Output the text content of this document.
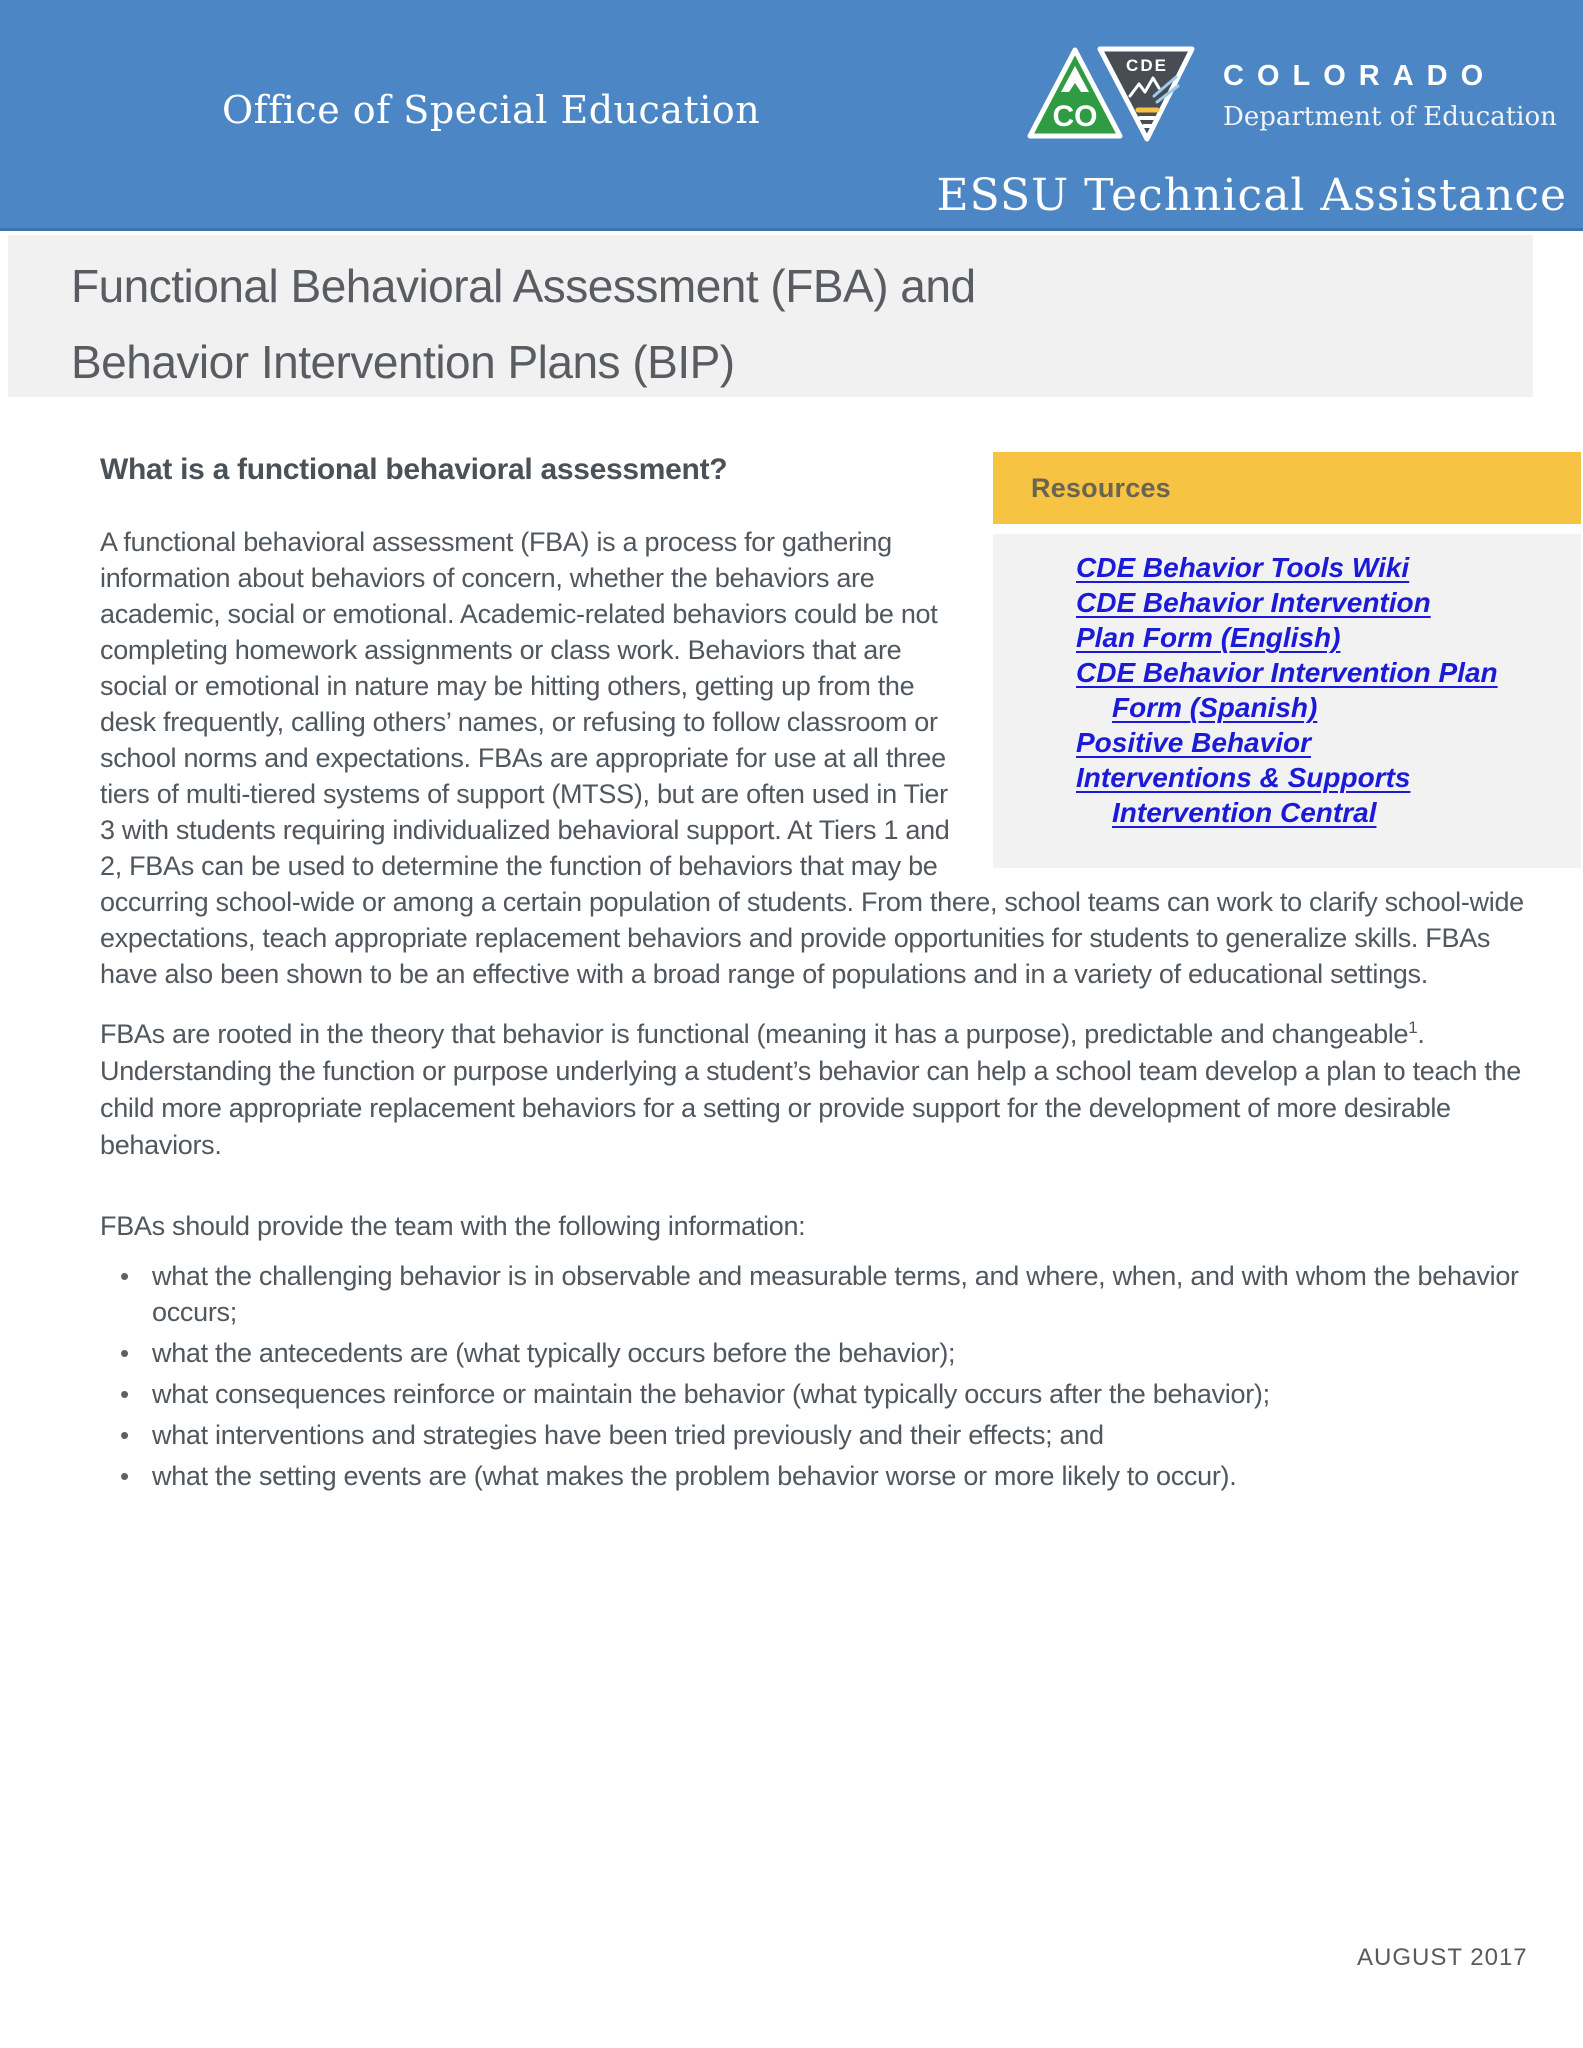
Office of Special Education
CDE
CO
COLORADO
Department of Education
ESSU Technical Assistance
Functional Behavioral Assessment (FBA) and
Behavior Intervention Plans (BIP)
Resources
CDE Behavior Tools Wiki
CDE Behavior Intervention
Plan Form (English)
CDE Behavior Intervention Plan
Form (Spanish)
Positive Behavior
Interventions & Supports
Intervention Central
What is a functional behavioral assessment?

A functional behavioral assessment (FBA) is a process for gathering information about behaviors of concern, whether the behaviors are academic, social or emotional. Academic-related behaviors could be not completing homework assignments or class work. Behaviors that are social or emotional in nature may be hitting others, getting up from the desk frequently, calling others’ names, or refusing to follow classroom or school norms and expectations. FBAs are appropriate for use at all three tiers of multi-tiered systems of support (MTSS), but are often used in Tier 3 with students requiring individualized behavioral support. At Tiers 1 and 2, FBAs can be used to determine the function of behaviors that may be occurring school-wide or among a certain population of students. From there, school teams can work to clarify school-wide expectations, teach appropriate replacement behaviors and provide opportunities for students to generalize skills. FBAs have also been shown to be an effective with a broad range of populations and in a variety of educational settings.

FBAs are rooted in the theory that behavior is functional (meaning it has a purpose), predictable and changeable$^1$. Understanding the function or purpose underlying a student’s behavior can help a school team develop a plan to teach the child more appropriate replacement behaviors for a setting or provide support for the development of more desirable behaviors.

FBAs should provide the team with the following information:

• what the challenging behavior is in observable and measurable terms, and where, when, and with whom the behavior occurs;
• what the antecedents are (what typically occurs before the behavior);
• what consequences reinforce or maintain the behavior (what typically occurs after the behavior);
• what interventions and strategies have been tried previously and their effects; and
• what the setting events are (what makes the problem behavior worse or more likely to occur).
AUGUST 2017
